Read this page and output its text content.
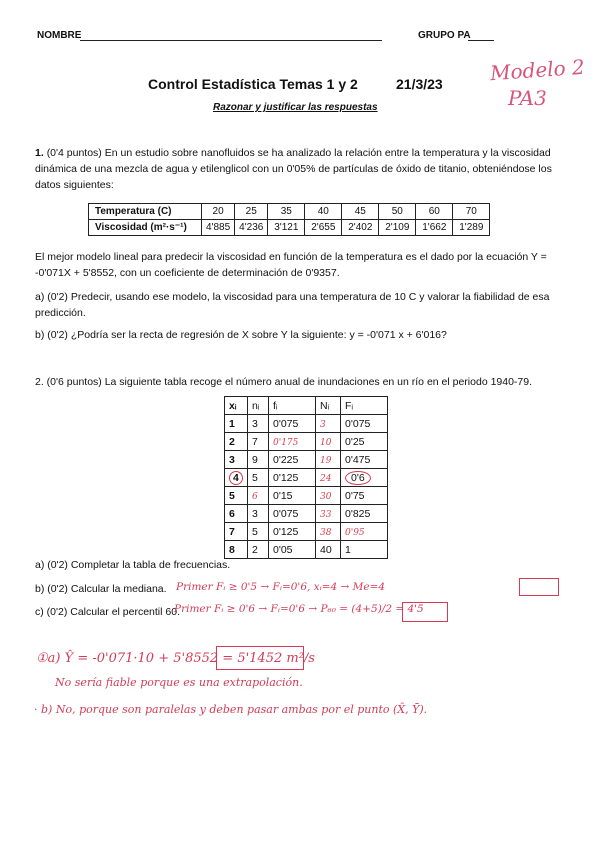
NOMBRE	GRUPO PA
Modelo 2
PA3
Control Estadística Temas 1 y 2	21/3/23
Razonar y justificar las respuestas
1. (0'4 puntos) En un estudio sobre nanofluidos se ha analizado la relación entre la temperatura y la viscosidad dinámica de una mezcla de agua y etilenglicol con un 0'05% de partículas de óxido de titanio, obteniéndose los datos siguientes:
Temperatura (C)	20	25	35	40	45	50	60	70
Viscosidad (m²·s⁻¹)	4'885	4'236	3'121	2'655	2'402	2'109	1'662	1'289
El mejor modelo lineal para predecir la viscosidad en función de la temperatura es el dado por la ecuación Y = -0'071X + 5'8552, con un coeficiente de determinación de 0'9357.
a) (0'2) Predecir, usando ese modelo, la viscosidad para una temperatura de 10 C y valorar la fiabilidad de esa predicción.
b) (0'2) ¿Podría ser la recta de regresión de X sobre Y la siguiente: y = -0'071 x + 6'016?
2. (0'6 puntos) La siguiente tabla recoge el número anual de inundaciones en un río en el periodo 1940-79.
xᵢ	nᵢ	fᵢ	Nᵢ	Fᵢ
1	3	0'075	3	0'075
2	7	0'175	10	0'25
3	9	0'225	19	0'475
4	5	0'125	24	0'6
5	6	0'15	30	0'75
6	3	0'075	33	0'825
7	5	0'125	38	0'95
8	2	0'05	40	1
a) (0'2) Completar la tabla de frecuencias.
b) (0'2) Calcular la mediana. Primer Fᵢ ≥ 0'5 → Fᵢ=0'6, xᵢ=4 → Me=4
c) (0'2) Calcular el percentil 60.
Primer Fᵢ ≥ 0'6 → Fᵢ=0'6 → P₆₀ = (4+5)/2 = 4'5
①a) Ŷ = -0'071·10 + 5'8552 = 5'1452 m²/s
No sería fiable porque es una extrapolación.
· b) No, porque son paralelas y deben pasar ambas por el punto (X̄, Ȳ).
